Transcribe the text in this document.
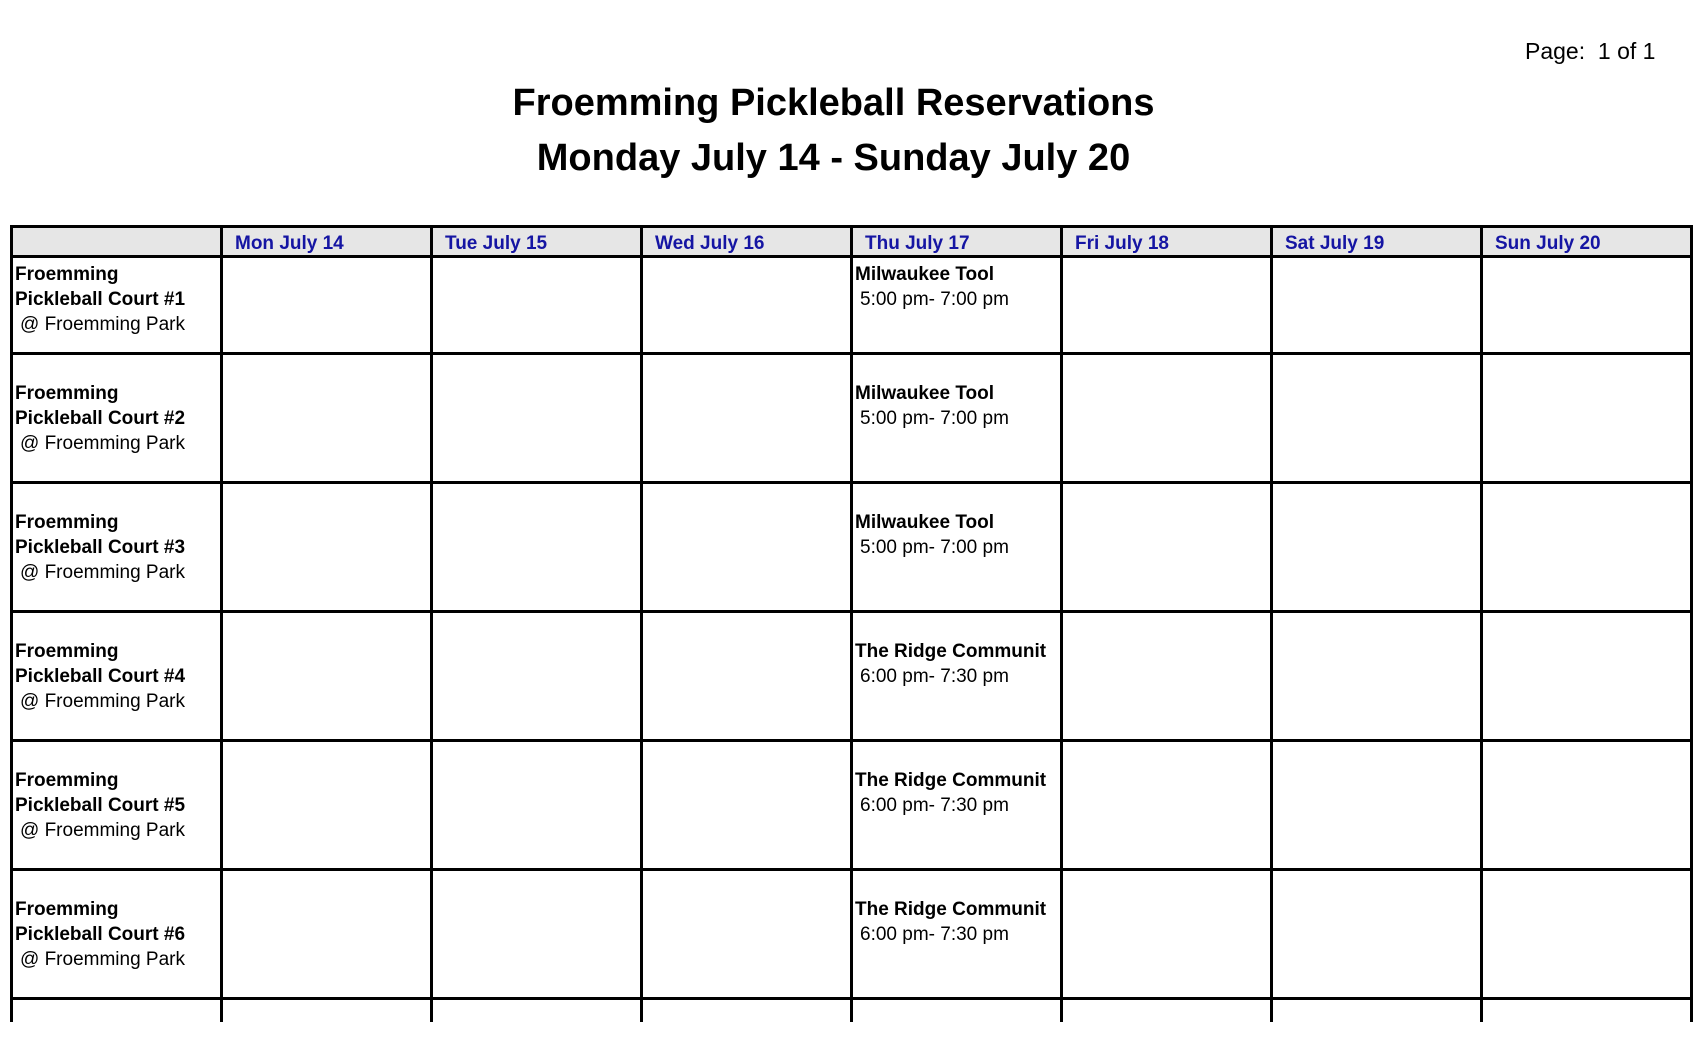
Page:  1 of 1
Froemming Pickleball Reservations
Monday July 14 - Sunday July 20
	Mon July 14	Tue July 15	Wed July 16	Thu July 17	Fri July 18	Sat July 19	Sun July 20

Froemming Pickleball Court #1
@ Froemming Park				Milwaukee Tool
5:00 pm- 7:00 pm			

Froemming Pickleball Court #2
@ Froemming Park				Milwaukee Tool
5:00 pm- 7:00 pm			

Froemming Pickleball Court #3
@ Froemming Park				Milwaukee Tool
5:00 pm- 7:00 pm			

Froemming Pickleball Court #4
@ Froemming Park				The Ridge Communit
6:00 pm- 7:30 pm			

Froemming Pickleball Court #5
@ Froemming Park				The Ridge Communit
6:00 pm- 7:30 pm			

Froemming Pickleball Court #6
@ Froemming Park				The Ridge Communit
6:00 pm- 7:30 pm			
